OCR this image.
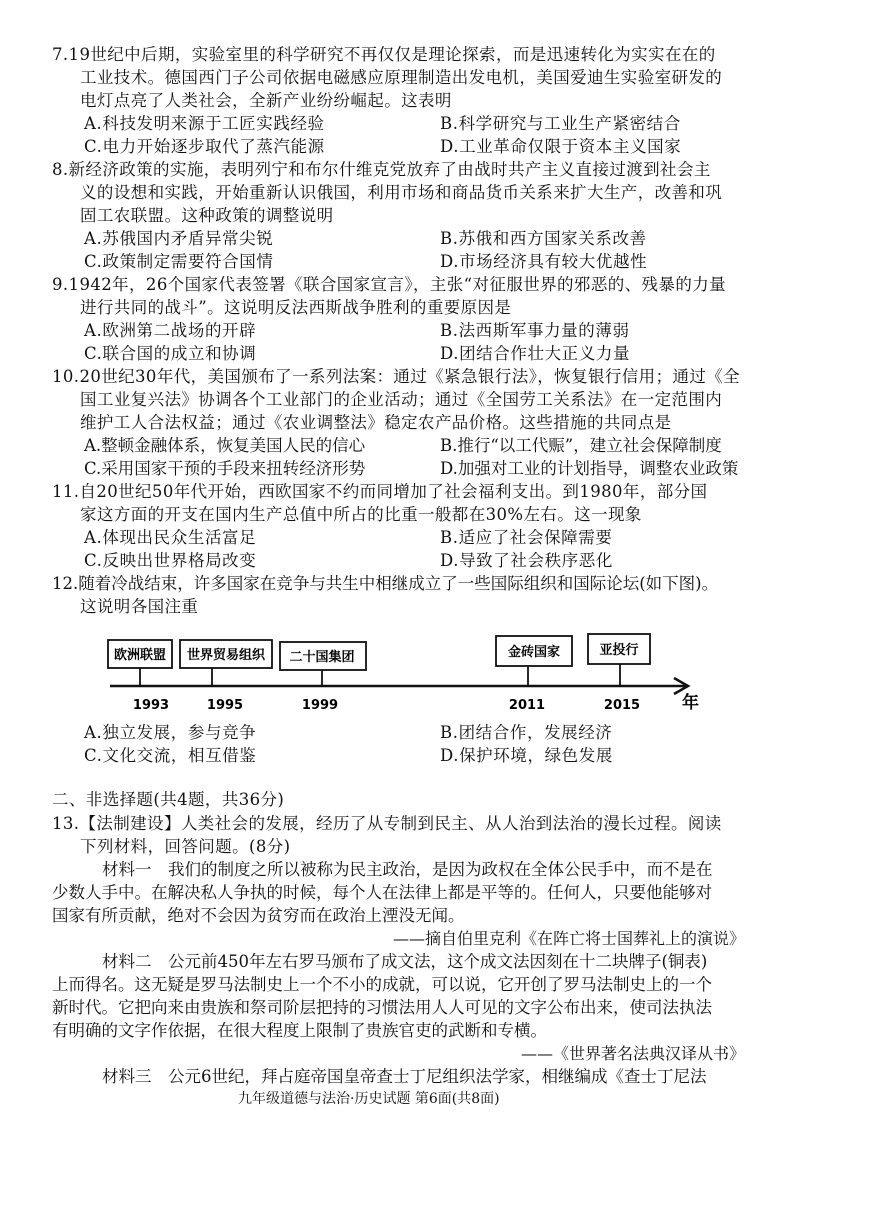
7.19世纪中后期，实验室里的科学研究不再仅仅是理论探索，而是迅速转化为实实在在的
工业技术。德国西门子公司依据电磁感应原理制造出发电机，美国爱迪生实验室研发的
电灯点亮了人类社会，全新产业纷纷崛起。这表明
A.科技发明来源于工匠实践经验	B.科学研究与工业生产紧密结合
C.电力开始逐步取代了蒸汽能源	D.工业革命仅限于资本主义国家
8.新经济政策的实施，表明列宁和布尔什维克党放弃了由战时共产主义直接过渡到社会主
义的设想和实践，开始重新认识俄国，利用市场和商品货币关系来扩大生产，改善和巩
固工农联盟。这种政策的调整说明
A.苏俄国内矛盾异常尖锐	B.苏俄和西方国家关系改善
C.政策制定需要符合国情	D.市场经济具有较大优越性
9.1942年，26个国家代表签署《联合国家宣言》，主张“对征服世界的邪恶的、残暴的力量
进行共同的战斗”。这说明反法西斯战争胜利的重要原因是
A.欧洲第二战场的开辟	B.法西斯军事力量的薄弱
C.联合国的成立和协调	D.团结合作壮大正义力量
10.20世纪30年代，美国颁布了一系列法案：通过《紧急银行法》，恢复银行信用；通过《全
国工业复兴法》协调各个工业部门的企业活动；通过《全国劳工关系法》在一定范围内
维护工人合法权益；通过《农业调整法》稳定农产品价格。这些措施的共同点是
A.整顿金融体系，恢复美国人民的信心	B.推行“以工代赈”，建立社会保障制度
C.采用国家干预的手段来扭转经济形势	D.加强对工业的计划指导，调整农业政策
11.自20世纪50年代开始，西欧国家不约而同增加了社会福利支出。到1980年，部分国
家这方面的开支在国内生产总值中所占的比重一般都在30%左右。这一现象
A.体现出民众生活富足	B.适应了社会保障需要
C.反映出世界格局改变	D.导致了社会秩序恶化
12.随着冷战结束，许多国家在竞争与共生中相继成立了一些国际组织和国际论坛(如下图)。
这说明各国注重
欧洲联盟
1993
世界贸易组织
1995
二十国集团
1999
金砖国家
2011
亚投行
2015 年
A.独立发展，参与竞争	B.团结合作，发展经济
C.文化交流，相互借鉴	D.保护环境，绿色发展
二、非选择题(共4题，共36分)
13.【法制建设】人类社会的发展，经历了从专制到民主、从人治到法治的漫长过程。阅读
下列材料，回答问题。(8分)
材料一　我们的制度之所以被称为民主政治，是因为政权在全体公民手中，而不是在
少数人手中。在解决私人争执的时候，每个人在法律上都是平等的。任何人，只要他能够对
国家有所贡献，绝对不会因为贫穷而在政治上湮没无闻。
——摘自伯里克利《在阵亡将士国葬礼上的演说》
材料二　公元前450年左右罗马颁布了成文法，这个成文法因刻在十二块牌子(铜表)
上而得名。这无疑是罗马法制史上一个不小的成就，可以说，它开创了罗马法制史上的一个
新时代。它把向来由贵族和祭司阶层把持的习惯法用人人可见的文字公布出来，使司法执法
有明确的文字作依据，在很大程度上限制了贵族官吏的武断和专横。
——《世界著名法典汉译从书》
材料三　公元6世纪，拜占庭帝国皇帝查士丁尼组织法学家，相继编成《查士丁尼法
九年级道德与法治·历史试题 第6面(共8面)
